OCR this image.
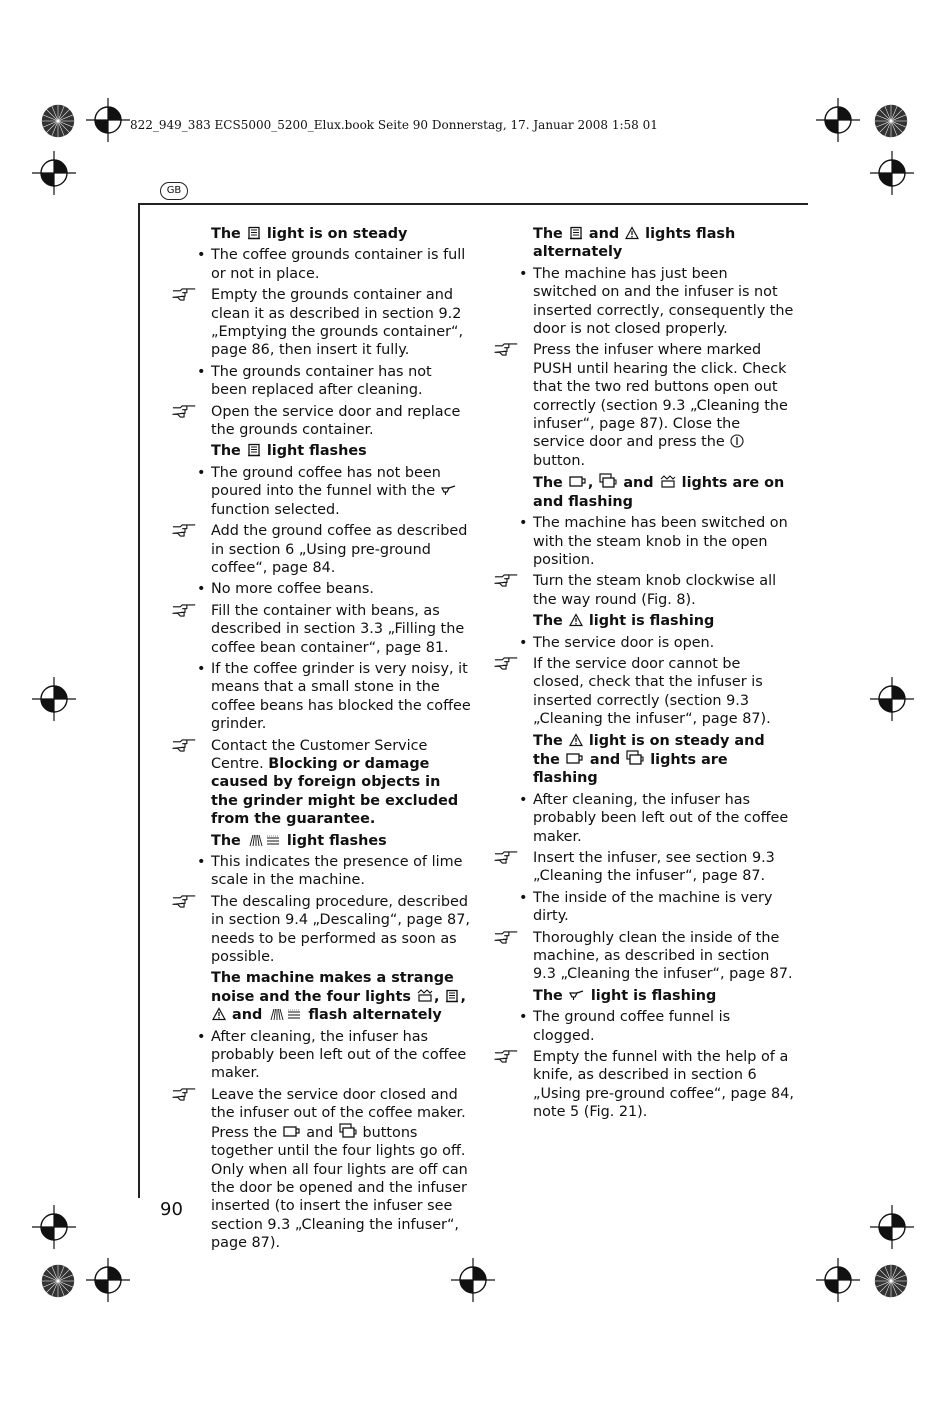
822_949_383 ECS5000_5200_Elux.book Seite 90 Donnerstag, 17. Januar 2008 1:58 01
GB
90
The light is on steady
• The coffee grounds container is full or not in place.
Empty the grounds container and clean it as described in section 9.2 „Emptying the grounds container“, page 86, then insert it fully.
• The grounds container has not been replaced after cleaning.
Open the service door and replace the grounds container.
The light flashes
• The ground coffee has not been poured into the funnel with the  function selected.
Add the ground coffee as described in section 6 „Using pre-ground coffee“, page 84.
• No more coffee beans.
Fill the container with beans, as described in section 3.3 „Filling the coffee bean container“, page 81.
• If the coffee grinder is very noisy, it means that a small stone in the coffee beans has blocked the coffee grinder.
Contact the Customer Service Centre. Blocking or damage caused by foreign objects in the grinder might be excluded from the guarantee.
The	light flashes
• This indicates the presence of lime scale in the machine.
The descaling procedure, described in section 9.4 „Descaling“, page 87, needs to be performed as soon as possible.
The machine makes a strange noise and the four lights , ,  and	flash alternately
• After cleaning, the infuser has probably been left out of the coffee maker.
Leave the service door closed and the infuser out of the coffee maker. Press the and buttons together until the four lights go off. Only when all four lights are off can the door be opened and the infuser inserted (to insert the infuser see section 9.3 „Cleaning the infuser“, page 87).
The and lights flash alternately
• The machine has just been switched on and the infuser is not inserted correctly, consequently the door is not closed properly.
Press the infuser where marked PUSH until hearing the click. Check that the two red buttons open out correctly (section 9.3 „Cleaning the infuser“, page 87). Close the service door and press the  button.
The , and lights are on and flashing
• The machine has been switched on with the steam knob in the open position.
Turn the steam knob clockwise all the way round (Fig. 8).
The light is flashing
• The service door is open.
If the service door cannot be closed, check that the infuser is inserted correctly (section 9.3 „Cleaning the infuser“, page 87).
The light is on steady and the and lights are flashing
• After cleaning, the infuser has probably been left out of the coffee maker.
Insert the infuser, see section 9.3 „Cleaning the infuser“, page 87.
• The inside of the machine is very dirty.
Thoroughly clean the inside of the machine, as described in section 9.3 „Cleaning the infuser“, page 87.
The light is flashing
• The ground coffee funnel is clogged.
Empty the funnel with the help of a knife, as described in section 6 „Using pre-ground coffee“, page 84, note 5 (Fig. 21).
